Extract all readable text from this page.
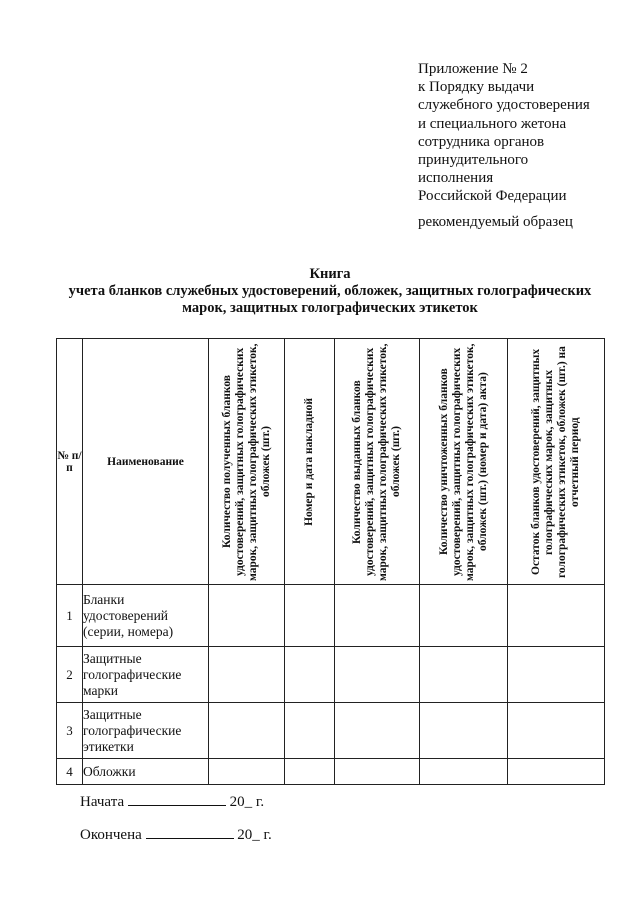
Приложение № 2
к Порядку выдачи
служебного удостоверения
и специального жетона
сотрудника органов
принудительного
исполнения
Российской Федерации
рекомендуемый образец
Книга
учета бланков служебных удостоверений, обложек, защитных голографических
марок, защитных голографических этикеток
№ п/п	Наименование	Количество полученных бланков удостоверений, защитных голографических марок, защитных голографических этикеток, обложек (шт.)	Номер и дата накладной	Количество выданных бланков удостоверений, защитных голографических марок, защитных голографических этикеток, обложек (шт.)	Количество уничтоженных бланков удостоверений, защитных голографических марок, защитных голографических этикеток, обложек (шт.) (номер и дата) акта)	Остаток бланков удостоверений, защитных голографических марок, защитных голографических этикеток, обложек (шт.) на отчетный период

1	Бланки удостоверений (серии, номера)					
2	Защитные голографические марки					
3	Защитные голографические этикетки					
4	Обложки					
Начата	20_ г.
Окончена	20_ г.
